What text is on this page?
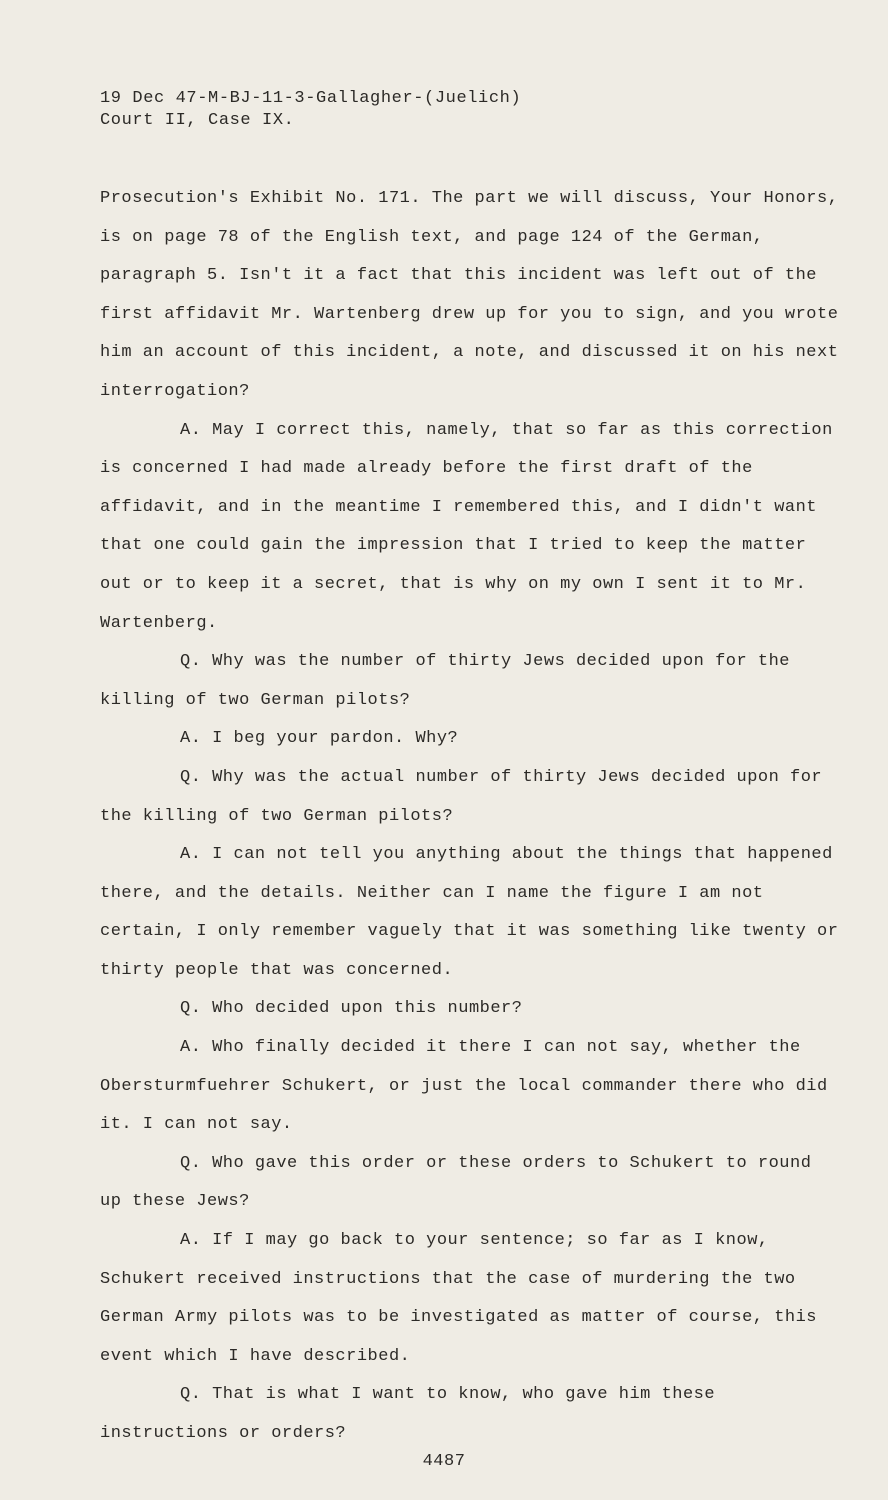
19 Dec 47-M-BJ-11-3-Gallagher-(Juelich)
Court II, Case IX.

Prosecution's Exhibit No. 171. The part we will discuss, Your Honors, is on page 78 of the English text, and page 124 of the German, paragraph 5. Isn't it a fact that this incident was left out of the first affidavit Mr. Wartenberg drew up for you to sign, and you wrote him an account of this incident, a note, and discussed it on his next interrogation?

A. May I correct this, namely, that so far as this correction is concerned I had made already before the first draft of the affidavit, and in the meantime I remembered this, and I didn't want that one could gain the impression that I tried to keep the matter out or to keep it a secret, that is why on my own I sent it to Mr. Wartenberg.

Q. Why was the number of thirty Jews decided upon for the killing of two German pilots?

A. I beg your pardon. Why?

Q. Why was the actual number of thirty Jews decided upon for the killing of two German pilots?

A. I can not tell you anything about the things that happened there, and the details. Neither can I name the figure I am not certain, I only remember vaguely that it was something like twenty or thirty people that was concerned.

Q. Who decided upon this number?

A. Who finally decided it there I can not say, whether the Obersturmfuehrer Schukert, or just the local commander there who did it. I can not say.

Q. Who gave this order or these orders to Schukert to round up these Jews?

A. If I may go back to your sentence; so far as I know, Schukert received instructions that the case of murdering the two German Army pilots was to be investigated as matter of course, this event which I have described.

Q. That is what I want to know, who gave him these instructions or orders?

4487
